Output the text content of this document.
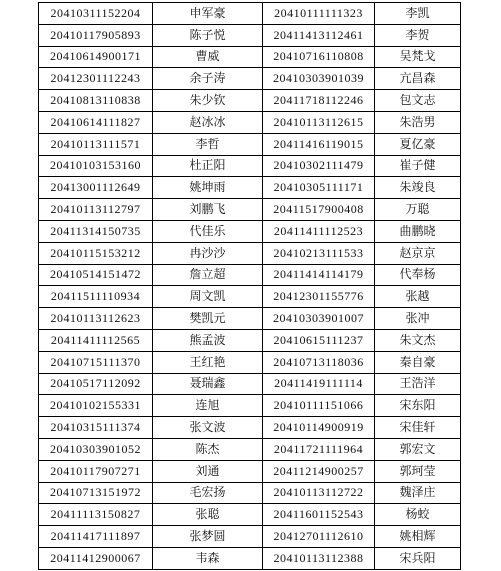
20410311152204	申军豪	20410111111323	李凯
20410117905893	陈子悦	20411413112461	李贺
20410614900171	曹威	20410716110808	吴梵戈
20412301112243	余子涛	20410303901039	亢昌森
20410813110838	朱少钦	20411718112246	包文志
20410614111827	赵冰冰	20410113112615	朱浩男
20410113111571	李哲	20411416119015	夏亿豪
20410103153160	杜正阳	20410302111479	崔子健
20413001112649	姚坤雨	20410305111171	朱竣良
20410113112797	刘鹏飞	20411517900408	万聪
20411314150735	代佳乐	20411411112523	曲鹏晓
20410115153212	冉沙沙	20410213111533	赵京京
20410514151472	詹立超	20411414114179	代奉杨
20411511110934	周文凯	20412301155776	张越
20410113112623	樊凯元	20410303901007	张冲
20411411112565	熊孟波	20410615111237	朱文杰
20410715111370	王红艳	20410713118036	秦自豪
20410517112092	聂瑞鑫	20411419111114	王浩洋
20410102155331	连旭	20410111151066	宋东阳
20410315111374	张文波	20410114900919	宋佳轩
20410303901052	陈杰	20411721111964	郭宏文
20410117907271	刘通	20411214900257	郭珂莹
20410713151972	毛宏扬	20410113112722	魏泽庄
20411113150827	张聪	20411601152543	杨蛟
20411417111897	张梦圆	20412701112610	姚相辉
20411412900067	韦森	20410113112388	宋兵阳
